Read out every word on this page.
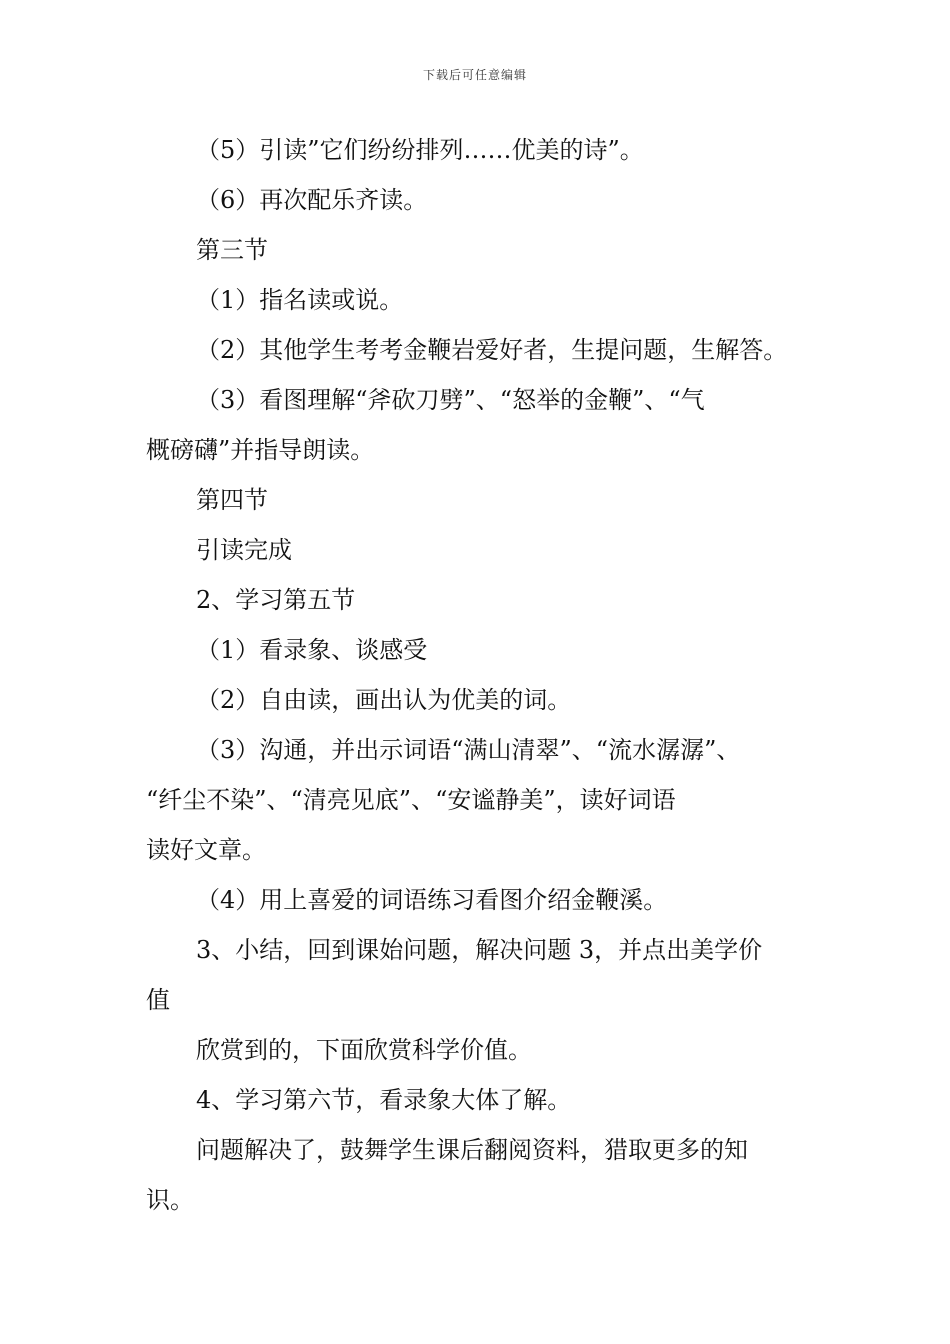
下载后可任意编辑

（5）引读”它们纷纷排列……优美的诗”。

（6）再次配乐齐读。

第三节

（1）指名读或说。

（2）其他学生考考金鞭岩爱好者，生提问题，生解答。

（3）看图理解“斧砍刀劈”、“怒举的金鞭”、“气

概磅礴”并指导朗读。

第四节

引读完成

2、学习第五节

（1）看录象、谈感受

（2）自由读，画出认为优美的词。

（3）沟通，并出示词语“满山清翠”、“流水潺潺”、

“纤尘不染”、“清亮见底”、“安谧静美”，读好词语

读好文章。

（4）用上喜爱的词语练习看图介绍金鞭溪。

3、小结，回到课始问题，解决问题 3，并点出美学价

值

欣赏到的，下面欣赏科学价值。

4、学习第六节，看录象大体了解。

问题解决了，鼓舞学生课后翻阅资料，猎取更多的知

识。
